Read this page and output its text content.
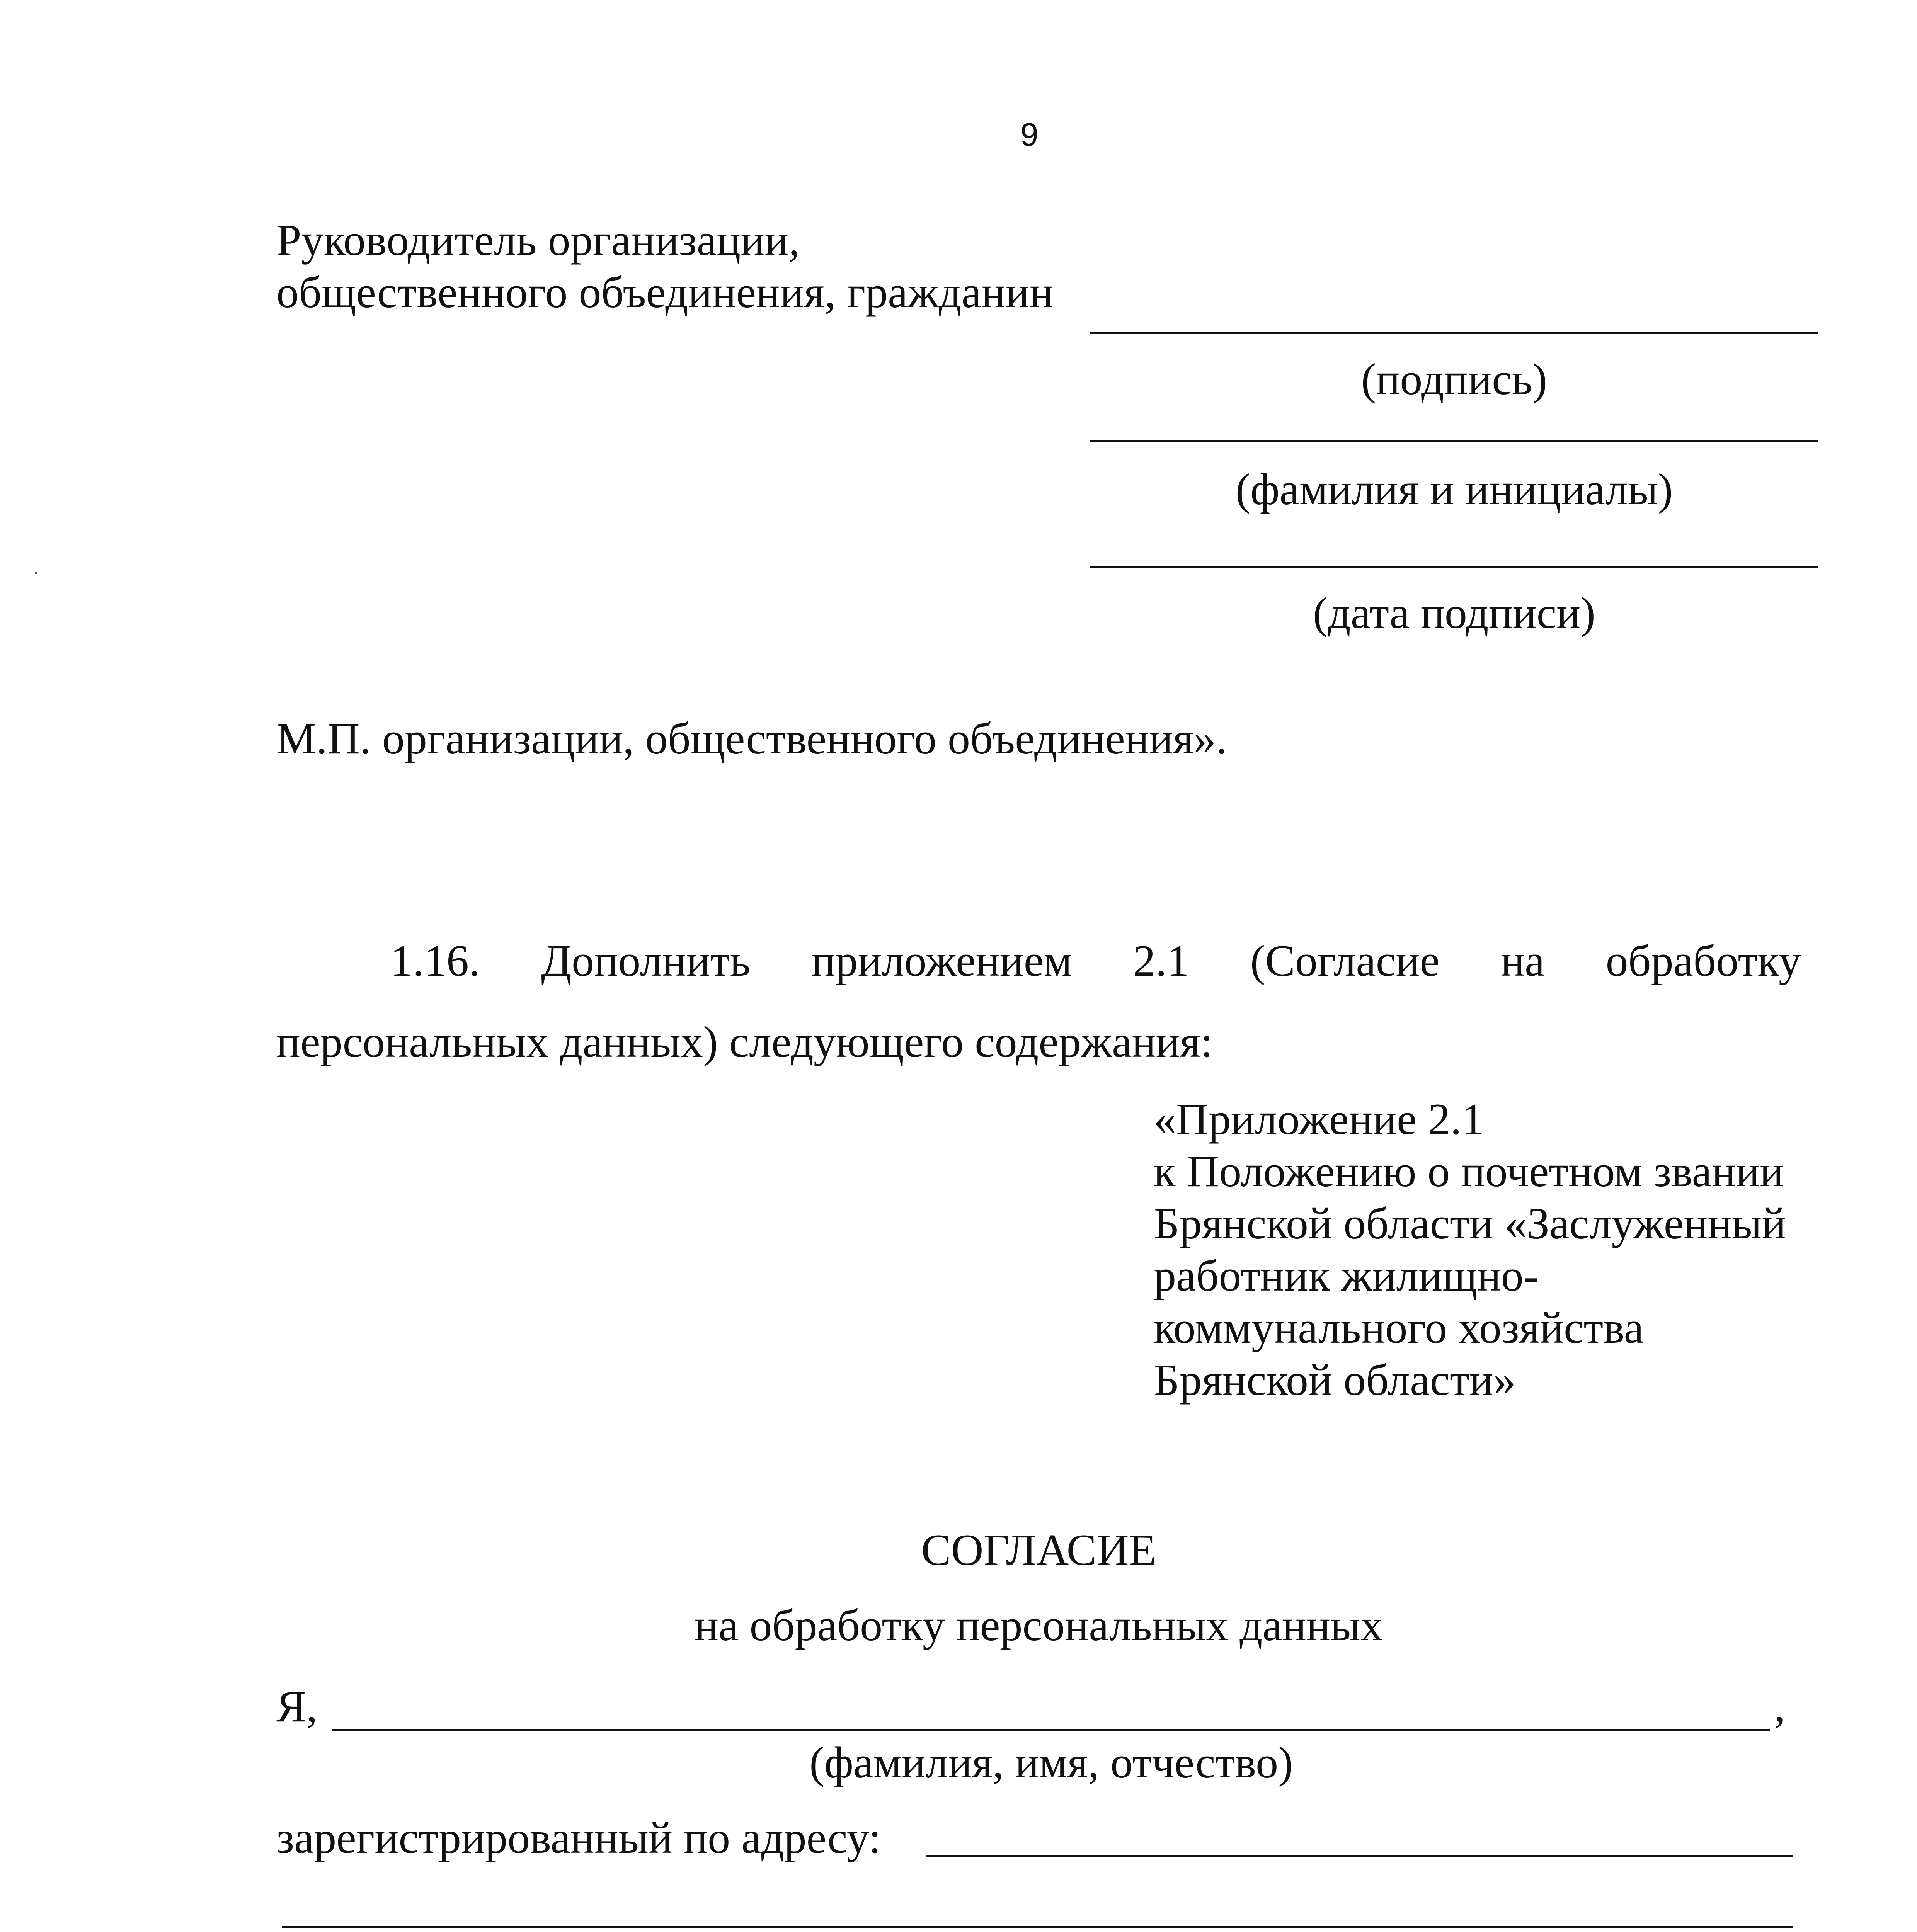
9
Руководитель организации,
общественного объединения, гражданин
(подпись)
(фамилия и инициалы)
(дата подписи)
М.П. организации, общественного объединения».
1.16. Дополнить приложением 2.1 (Согласие на обработку
персональных данных) следующего содержания:
«Приложение 2.1
к Положению о почетном звании
Брянской области «Заслуженный
работник жилищно-
коммунального хозяйства
Брянской области»
СОГЛАСИЕ
на обработку персональных данных
Я,	,
(фамилия, имя, отчество)
зарегистрированный по адресу:
